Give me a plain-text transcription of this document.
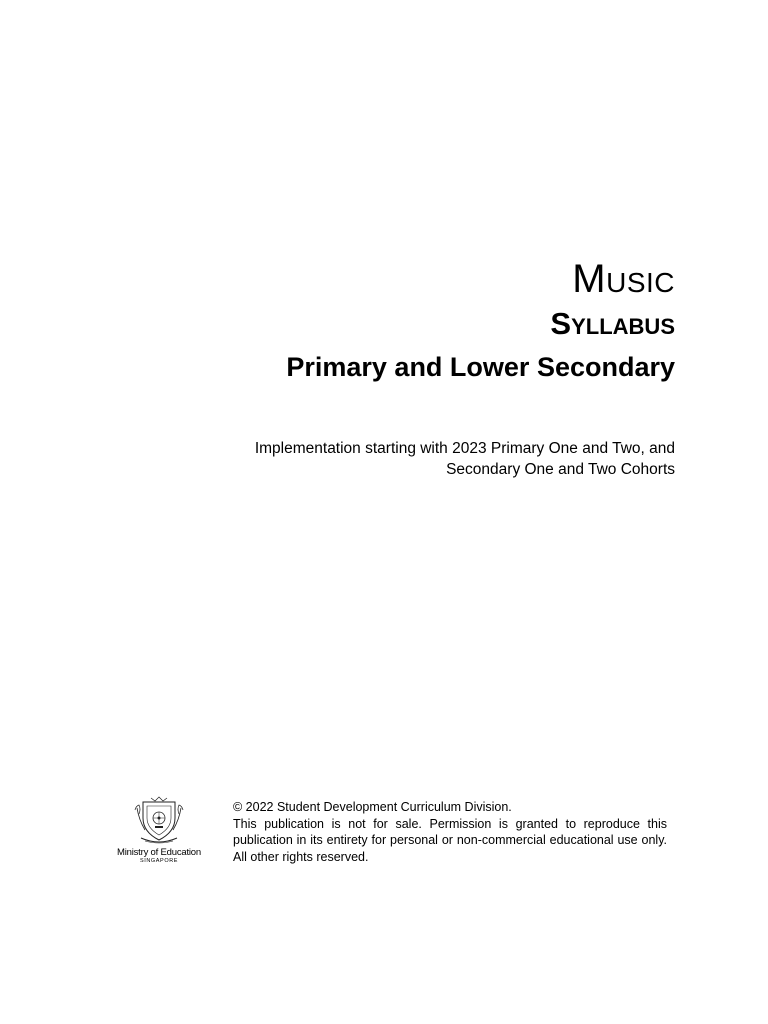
Music
Syllabus
Primary and Lower Secondary
Implementation starting with 2023 Primary One and Two, and
Secondary One and Two Cohorts
Ministry of Education
SINGAPORE

© 2022 Student Development Curriculum Division.

This publication is not for sale. Permission is granted to reproduce this publication in its entirety for personal or non-commercial educational use only. All other rights reserved.
